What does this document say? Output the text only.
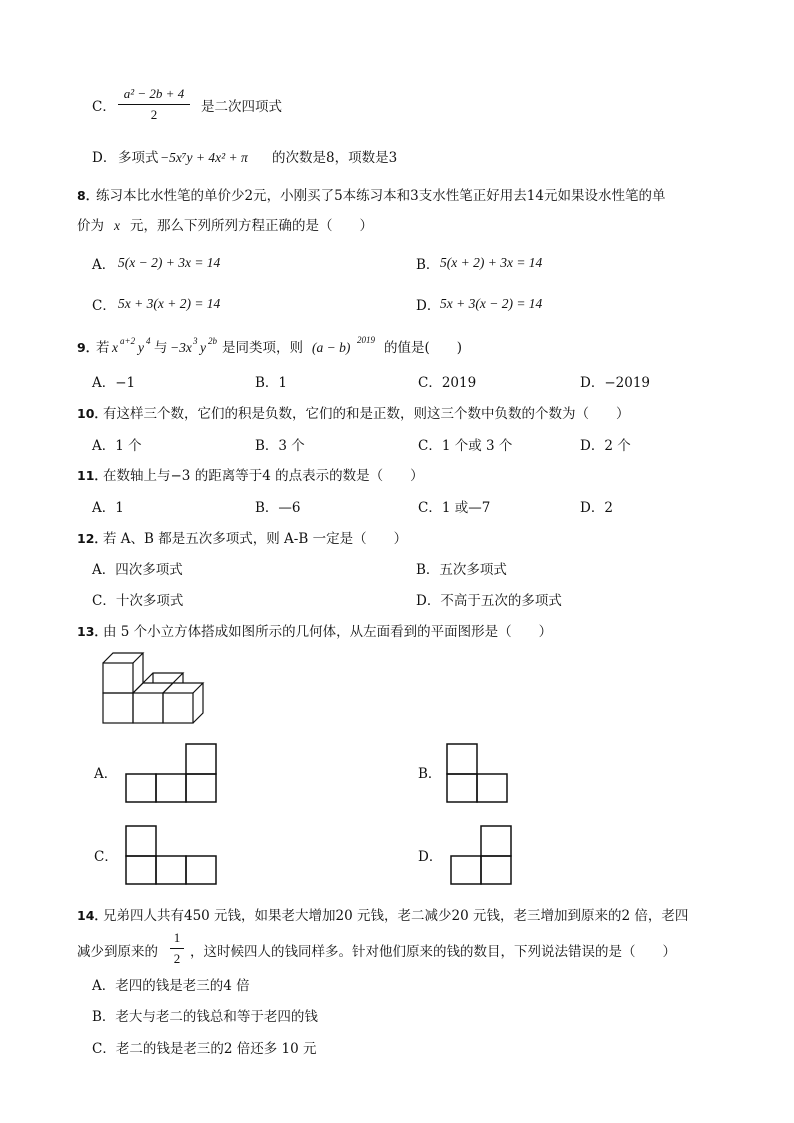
C．
a² − 2b + 4
2	是二次四项式
D． 多项式 −5x⁷y + 4x² + π 的次数是8，项数是3
8．
练习本比水性笔的单价少2元，小刚买了5本练习本和3支水性笔正好用去14元如果设水性笔的单
价为 x 元，那么下列所列方程正确的是（　　）
A． 5(x − 2) + 3x = 14	B． 5(x + 2) + 3x = 14
C． 5x + 3(x + 2) = 14	D． 5x + 3(x − 2) = 14
9．
若 x a+2 y 4 与 −3x 3 y 2b 是同类项，则 (a − b) 2019 的值是(　　)
A．−1	B．1	C．2019	D．−2019
10．
有这样三个数，它们的积是负数，它们的和是正数，则这三个数中负数的个数为（　　）
A．1 个	B．3 个	C．1 个或 3 个	D．2 个
11．
在数轴上与−3 的距离等于4 的点表示的数是（　　）
A．1	B．—6	C．1 或—7	D．2
12．
若 A、B 都是五次多项式，则 A-B 一定是（　　）
A．四次多项式	B．五次多项式
C．十次多项式	D．不高于五次的多项式
13．
由 5 个小立方体搭成如图所示的几何体，从左面看到的平面图形是（　　）
A．	B．
C．	D．
14．
兄弟四人共有450 元钱，如果老大增加20 元钱，老二减少20 元钱，老三增加到原来的2 倍，老四
减少到原来的
1
2 ，这时候四人的钱同样多。针对他们原来的钱的数目，下列说法错误的是（　　）
A．老四的钱是老三的4 倍
B．老大与老二的钱总和等于老四的钱
C．老二的钱是老三的2 倍还多 10 元
